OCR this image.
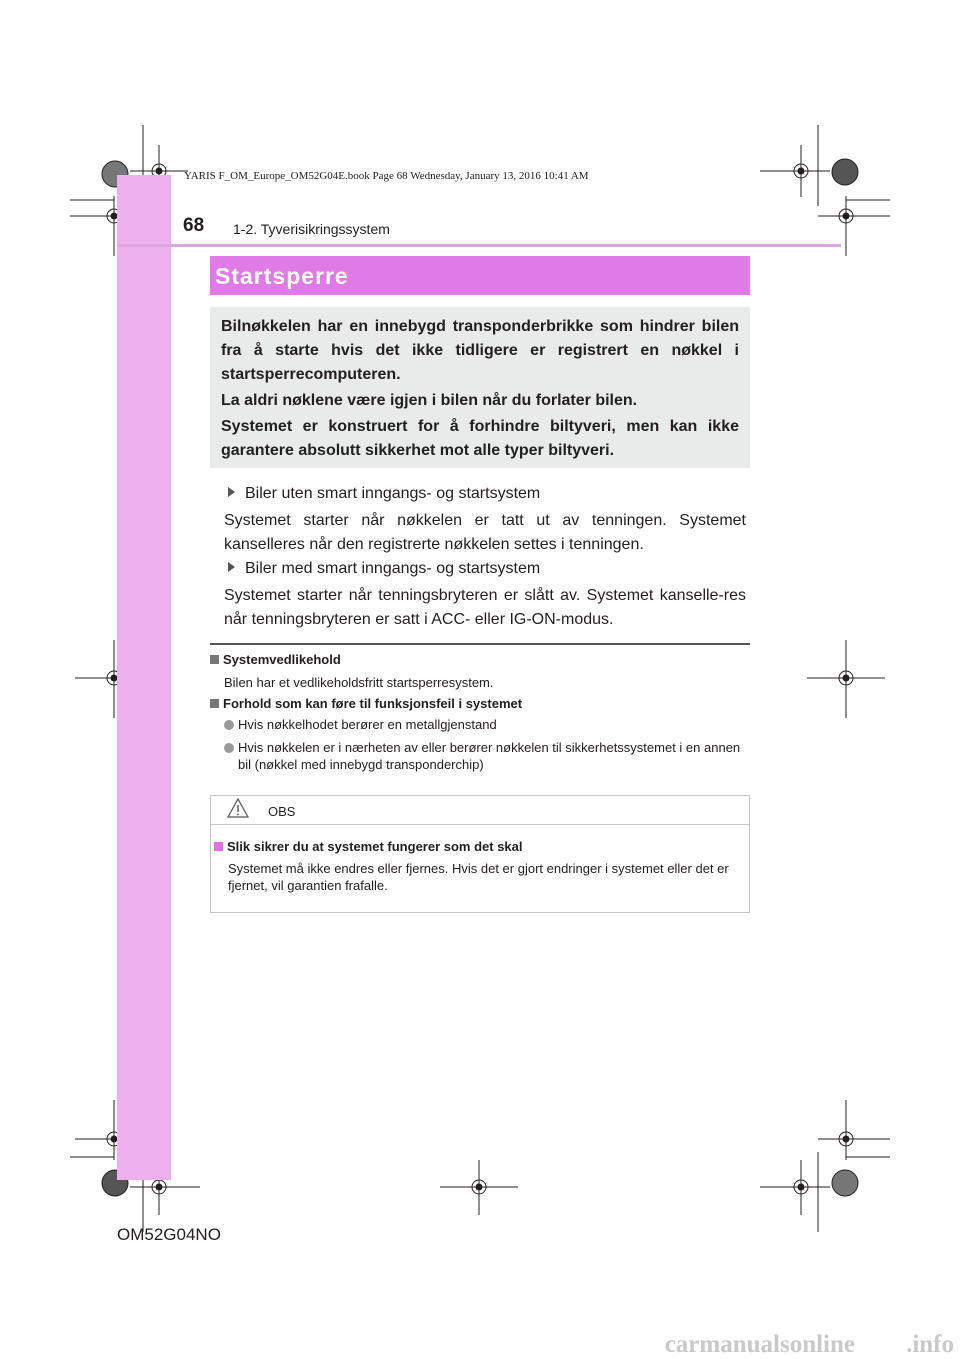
YARIS F_OM_Europe_OM52G04E.book Page 68 Wednesday, January 13, 2016 10:41 AM
68 1-2. Tyverisikringssystem
Startsperre

Bilnøkkelen har en innebygd transponderbrikke som hindrer bilen fra å starte hvis det ikke tidligere er registrert en nøkkel i startsperrecomputeren.

La aldri nøklene være igjen i bilen når du forlater bilen.

Systemet er konstruert for å forhindre biltyveri, men kan ikke garantere absolutt sikkerhet mot alle typer biltyveri.

Biler uten smart inngangs- og startsystem
Systemet starter når nøkkelen er tatt ut av tenningen. Systemet kanselleres når den registrerte nøkkelen settes i tenningen.
Biler med smart inngangs- og startsystem
Systemet starter når tenningsbryteren er slått av. Systemet kanselle-res når tenningsbryteren er satt i ACC- eller IG-ON-modus.
Systemvedlikehold
Bilen har et vedlikeholdsfritt startsperresystem.
Forhold som kan føre til funksjonsfeil i systemet
Hvis nøkkelhodet berører en metallgjenstand
Hvis nøkkelen er i nærheten av eller berører nøkkelen til sikkerhetssystemet i en annen bil (nøkkel med innebygd transponderchip)
OBS
Slik sikrer du at systemet fungerer som det skal
Systemet må ikke endres eller fjernes. Hvis det er gjort endringer i systemet eller det er fjernet, vil garantien frafalle.
OM52G04NO
carmanualsonline .info
